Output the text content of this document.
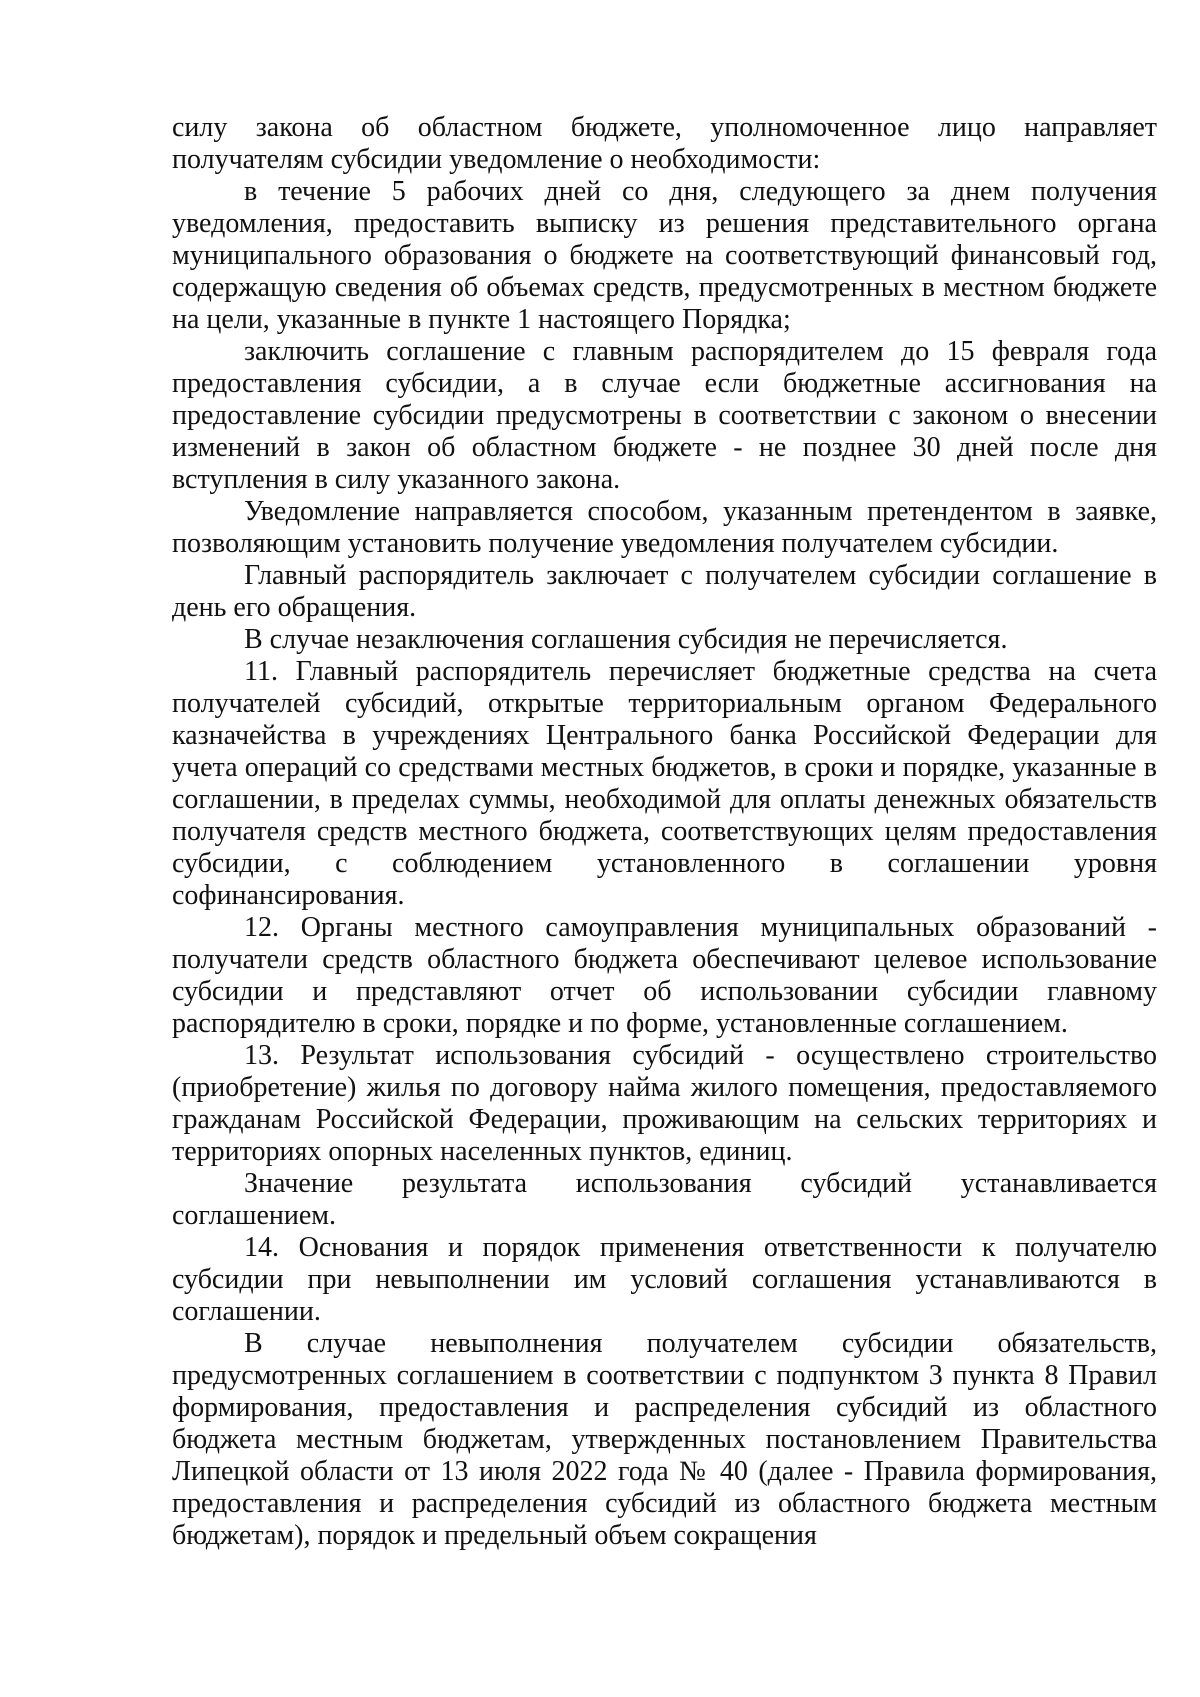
силу закона об областном бюджете, уполномоченное лицо направляет получателям субсидии уведомление о необходимости:

в течение 5 рабочих дней со дня, следующего за днем получения уведомления, предоставить выписку из решения представительного органа муниципального образования о бюджете на соответствующий финансовый год, содержащую сведения об объемах средств, предусмотренных в местном бюджете на цели, указанные в пункте 1 настоящего Порядка;

заключить соглашение с главным распорядителем до 15 февраля года предоставления субсидии, а в случае если бюджетные ассигнования на предоставление субсидии предусмотрены в соответствии с законом о внесении изменений в закон об областном бюджете - не позднее 30 дней после дня вступления в силу указанного закона.

Уведомление направляется способом, указанным претендентом в заявке, позволяющим установить получение уведомления получателем субсидии.

Главный распорядитель заключает с получателем субсидии соглашение в день его обращения.

В случае незаключения соглашения субсидия не перечисляется.

11. Главный распорядитель перечисляет бюджетные средства на счета получателей субсидий, открытые территориальным органом Федерального казначейства в учреждениях Центрального банка Российской Федерации для учета операций со средствами местных бюджетов, в сроки и порядке, указанные в соглашении, в пределах суммы, необходимой для оплаты денежных обязательств получателя средств местного бюджета, соответствующих целям предоставления субсидии, с соблюдением установленного в соглашении уровня софинансирования.

12. Органы местного самоуправления муниципальных образований - получатели средств областного бюджета обеспечивают целевое использование субсидии и представляют отчет об использовании субсидии главному распорядителю в сроки, порядке и по форме, установленные соглашением.

13. Результат использования субсидий - осуществлено строительство (приобретение) жилья по договору найма жилого помещения, предоставляемого гражданам Российской Федерации, проживающим на сельских территориях и территориях опорных населенных пунктов, единиц.

Значение результата использования субсидий устанавливается соглашением.

14. Основания и порядок применения ответственности к получателю субсидии при невыполнении им условий соглашения устанавливаются в соглашении.

В случае невыполнения получателем субсидии обязательств, предусмотренных соглашением в соответствии с подпунктом 3 пункта 8 Правил формирования, предоставления и распределения субсидий из областного бюджета местным бюджетам, утвержденных постановлением Правительства Липецкой области от 13 июля 2022 года № 40 (далее - Правила формирования, предоставления и распределения субсидий из областного бюджета местным бюджетам), порядок и предельный объем сокращения
